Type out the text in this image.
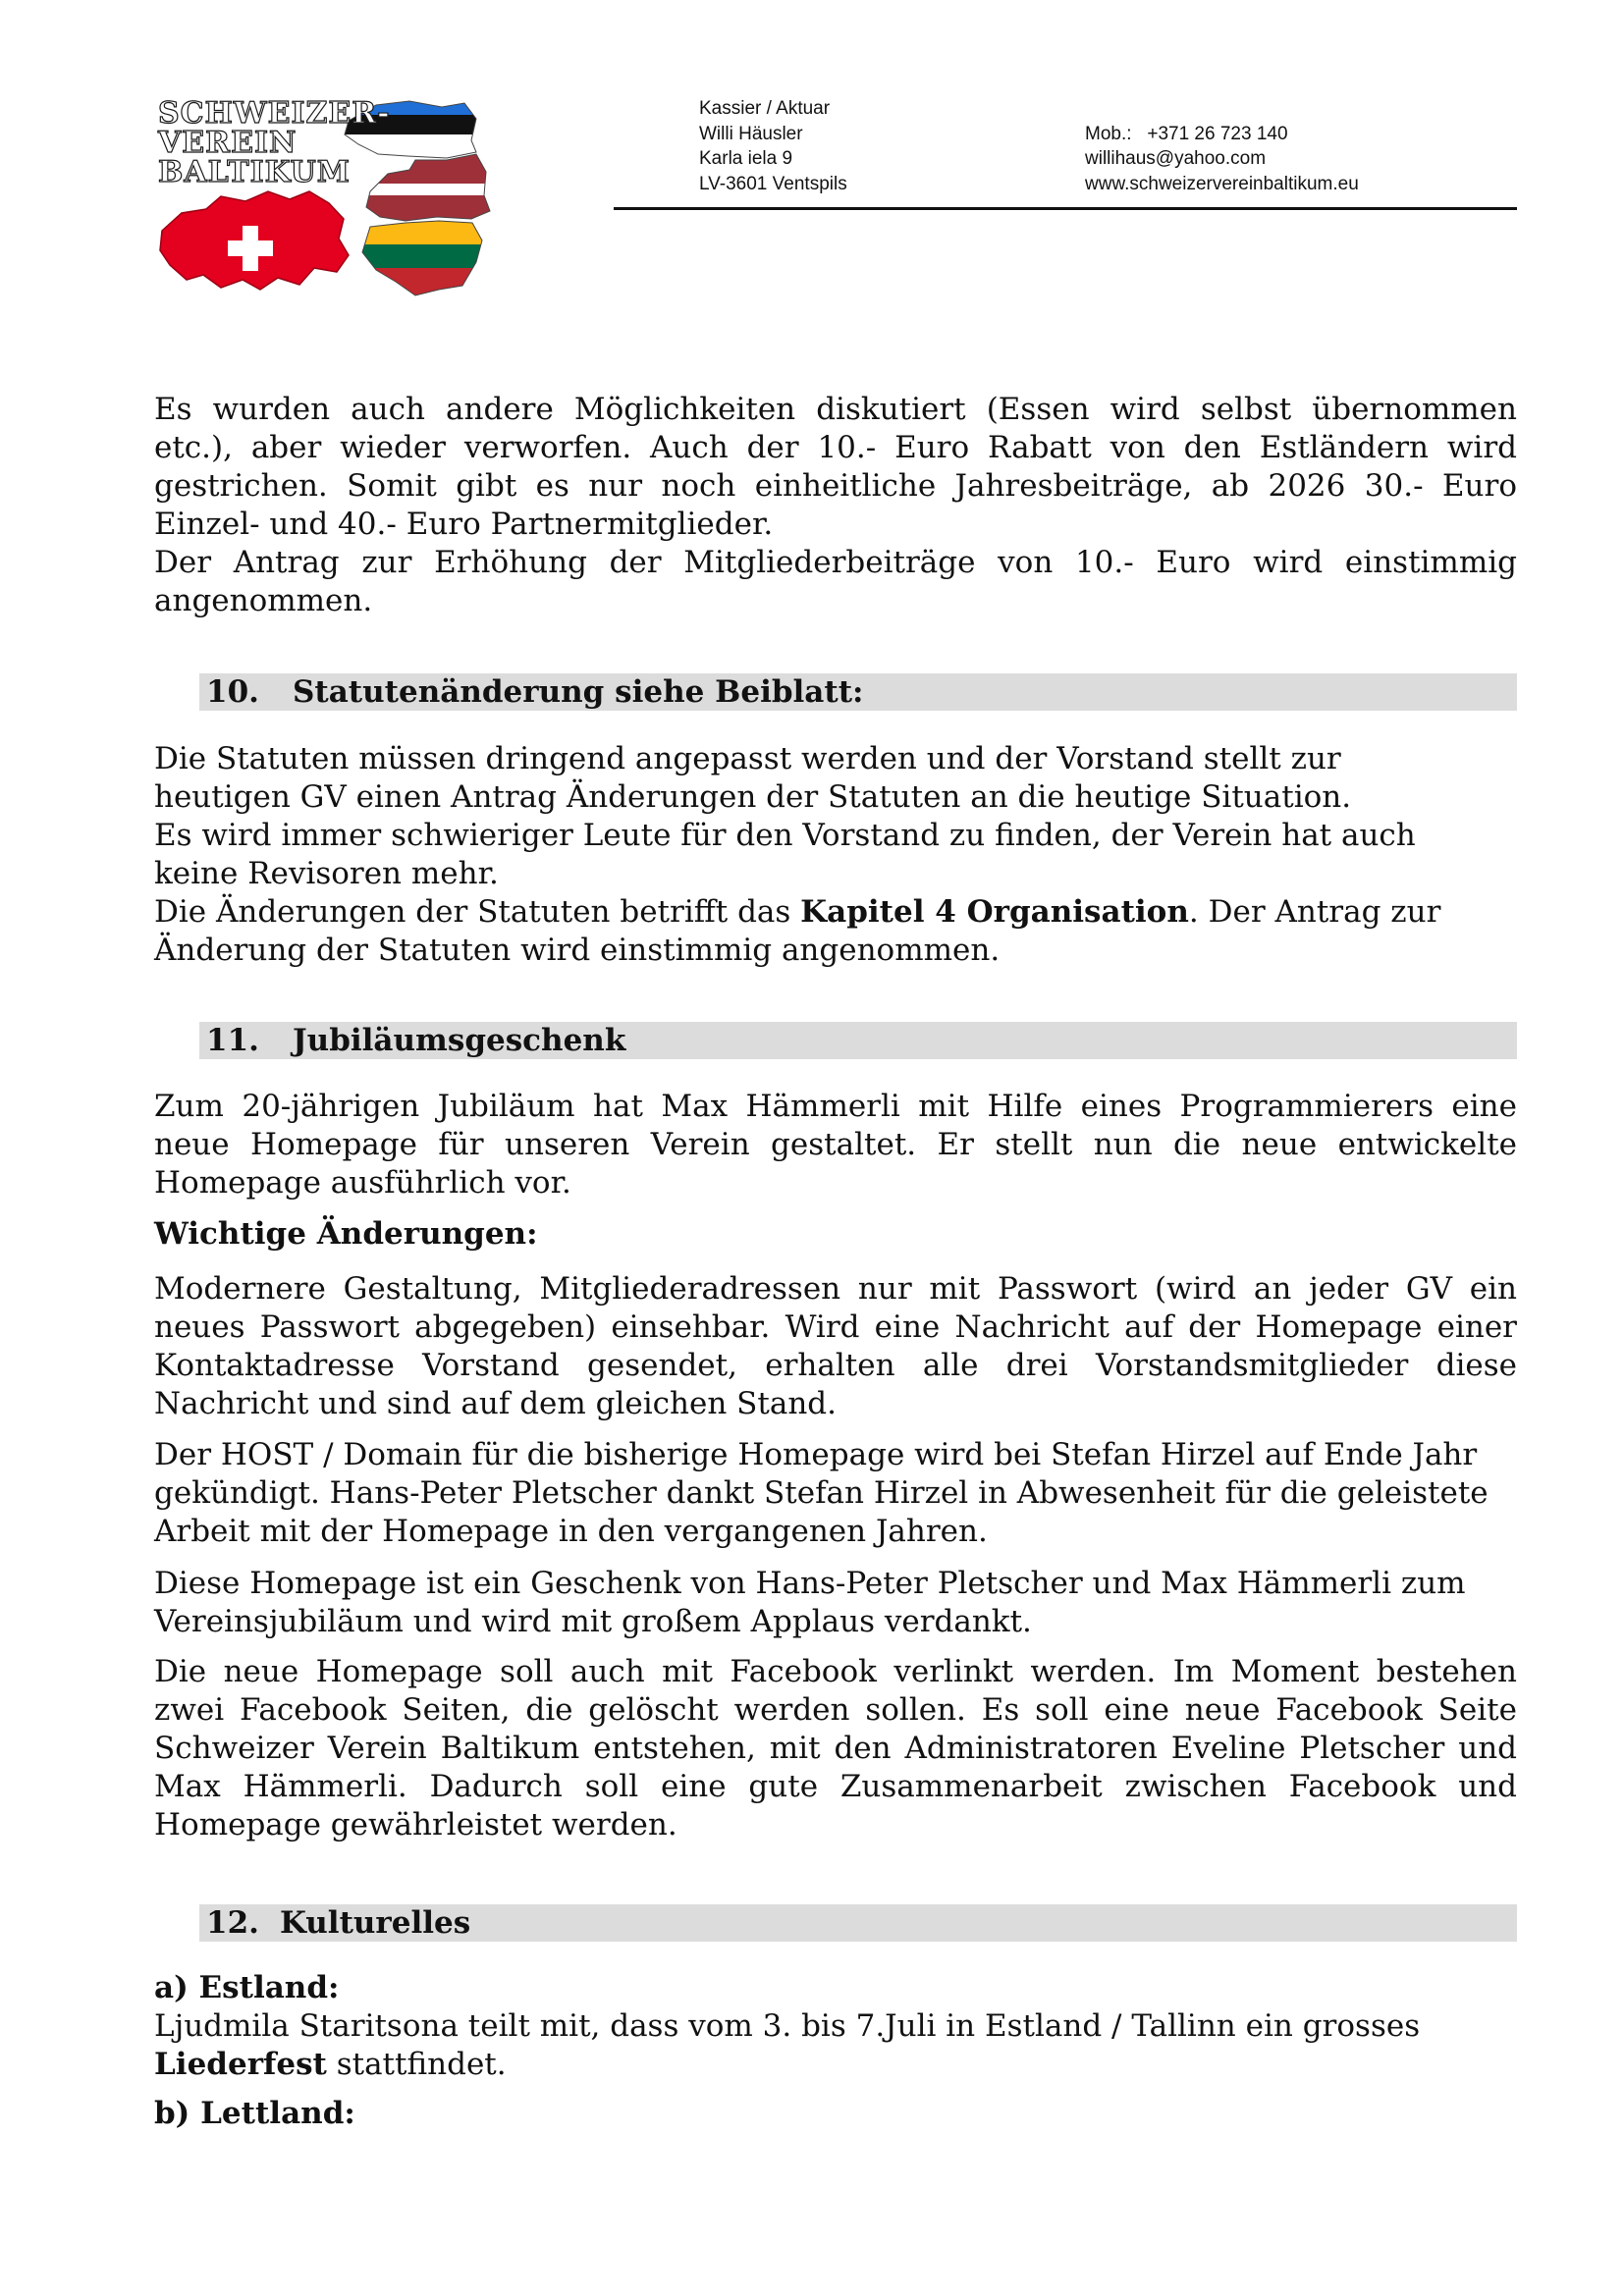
SCHWEIZER-
VEREIN
BALTIKUM
Kassier / Aktuar
Willi Häusler
Karla iela 9
LV-3601 Ventspils
Mob.:   +371 26 723 140
willihaus@yahoo.com
www.schweizervereinbaltikum.eu
Es wurden auch andere Möglichkeiten diskutiert (Essen wird selbst übernommen
etc.), aber wieder verworfen. Auch der 10.- Euro Rabatt von den Estländern wird
gestrichen. Somit gibt es nur noch einheitliche Jahresbeiträge, ab 2026 30.- Euro
Einzel- und 40.- Euro Partnermitglieder.
Der Antrag zur Erhöhung der Mitgliederbeiträge von 10.- Euro wird einstimmig
angenommen.
10. Statutenänderung siehe Beiblatt:
Die Statuten müssen dringend angepasst werden und der Vorstand stellt zur
heutigen GV einen Antrag Änderungen der Statuten an die heutige Situation.
Es wird immer schwieriger Leute für den Vorstand zu finden, der Verein hat auch
keine Revisoren mehr.
Die Änderungen der Statuten betrifft das Kapitel 4 Organisation. Der Antrag zur
Änderung der Statuten wird einstimmig angenommen.
11. Jubiläumsgeschenk
Zum 20-jährigen Jubiläum hat Max Hämmerli mit Hilfe eines Programmierers eine
neue Homepage für unseren Verein gestaltet. Er stellt nun die neue entwickelte
Homepage ausführlich vor.
Wichtige Änderungen:
Modernere Gestaltung, Mitgliederadressen nur mit Passwort (wird an jeder GV ein
neues Passwort abgegeben) einsehbar. Wird eine Nachricht auf der Homepage einer
Kontaktadresse Vorstand gesendet, erhalten alle drei Vorstandsmitglieder diese
Nachricht und sind auf dem gleichen Stand.
Der HOST / Domain für die bisherige Homepage wird bei Stefan Hirzel auf Ende Jahr
gekündigt. Hans-Peter Pletscher dankt Stefan Hirzel in Abwesenheit für die geleistete
Arbeit mit der Homepage in den vergangenen Jahren.
Diese Homepage ist ein Geschenk von Hans-Peter Pletscher und Max Hämmerli zum
Vereinsjubiläum und wird mit großem Applaus verdankt.
Die neue Homepage soll auch mit Facebook verlinkt werden. Im Moment bestehen
zwei Facebook Seiten, die gelöscht werden sollen. Es soll eine neue Facebook Seite
Schweizer Verein Baltikum entstehen, mit den Administratoren Eveline Pletscher und
Max Hämmerli. Dadurch soll eine gute Zusammenarbeit zwischen Facebook und
Homepage gewährleistet werden.
12. Kulturelles
a) Estland:
Ljudmila Staritsona teilt mit, dass vom 3. bis 7.Juli in Estland / Tallinn ein grosses
Liederfest stattfindet.
b) Lettland:
